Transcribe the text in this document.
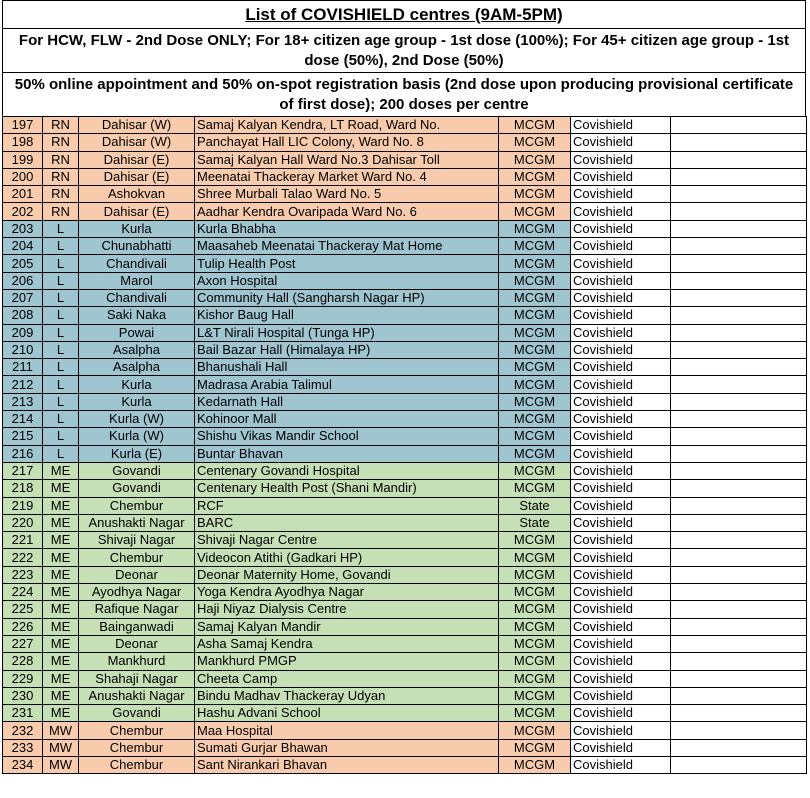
List of COVISHIELD centres (9AM-5PM)
For HCW, FLW - 2nd Dose ONLY; For 18+ citizen age group - 1st dose (100%); For 45+ citizen age group - 1st dose (50%), 2nd Dose (50%)
50% online appointment and 50% on-spot registration basis (2nd dose upon producing provisional certificate of first dose); 200 doses per centre
197	RN	Dahisar (W)	Samaj Kalyan Kendra, LT Road, Ward No.	MCGM	Covishield	
198	RN	Dahisar (W)	Panchayat Hall LIC Colony, Ward No. 8	MCGM	Covishield	
199	RN	Dahisar (E)	Samaj Kalyan Hall Ward No.3 Dahisar Toll	MCGM	Covishield	
200	RN	Dahisar (E)	Meenatai Thackeray Market Ward No. 4	MCGM	Covishield	
201	RN	Ashokvan	Shree Murbali Talao Ward No. 5	MCGM	Covishield	
202	RN	Dahisar (E)	Aadhar Kendra Ovaripada Ward No. 6	MCGM	Covishield	
203	L	Kurla	Kurla Bhabha	MCGM	Covishield	
204	L	Chunabhatti	Maasaheb Meenatai Thackeray Mat Home	MCGM	Covishield	
205	L	Chandivali	Tulip Health Post	MCGM	Covishield	
206	L	Marol	Axon Hospital	MCGM	Covishield	
207	L	Chandivali	Community Hall (Sangharsh Nagar HP)	MCGM	Covishield	
208	L	Saki Naka	Kishor Baug Hall	MCGM	Covishield	
209	L	Powai	L&T Nirali Hospital (Tunga HP)	MCGM	Covishield	
210	L	Asalpha	Bail Bazar Hall (Himalaya HP)	MCGM	Covishield	
211	L	Asalpha	Bhanushali Hall	MCGM	Covishield	
212	L	Kurla	Madrasa Arabia Talimul	MCGM	Covishield	
213	L	Kurla	Kedarnath Hall	MCGM	Covishield	
214	L	Kurla (W)	Kohinoor Mall	MCGM	Covishield	
215	L	Kurla (W)	Shishu Vikas Mandir School	MCGM	Covishield	
216	L	Kurla (E)	Buntar Bhavan	MCGM	Covishield	
217	ME	Govandi	Centenary Govandi Hospital	MCGM	Covishield	
218	ME	Govandi	Centenary Health Post (Shani Mandir)	MCGM	Covishield	
219	ME	Chembur	RCF	State	Covishield	
220	ME	Anushakti Nagar	BARC	State	Covishield	
221	ME	Shivaji Nagar	Shivaji Nagar Centre	MCGM	Covishield	
222	ME	Chembur	Videocon Atithi (Gadkari HP)	MCGM	Covishield	
223	ME	Deonar	Deonar Maternity Home, Govandi	MCGM	Covishield	
224	ME	Ayodhya Nagar	Yoga Kendra Ayodhya Nagar	MCGM	Covishield	
225	ME	Rafique Nagar	Haji Niyaz Dialysis Centre	MCGM	Covishield	
226	ME	Bainganwadi	Samaj Kalyan Mandir	MCGM	Covishield	
227	ME	Deonar	Asha Samaj Kendra	MCGM	Covishield	
228	ME	Mankhurd	Mankhurd PMGP	MCGM	Covishield	
229	ME	Shahaji Nagar	Cheeta Camp	MCGM	Covishield	
230	ME	Anushakti Nagar	Bindu Madhav Thackeray Udyan	MCGM	Covishield	
231	ME	Govandi	Hashu Advani School	MCGM	Covishield	
232	MW	Chembur	Maa Hospital	MCGM	Covishield	
233	MW	Chembur	Sumati Gurjar Bhawan	MCGM	Covishield	
234	MW	Chembur	Sant Nirankari Bhavan	MCGM	Covishield	
